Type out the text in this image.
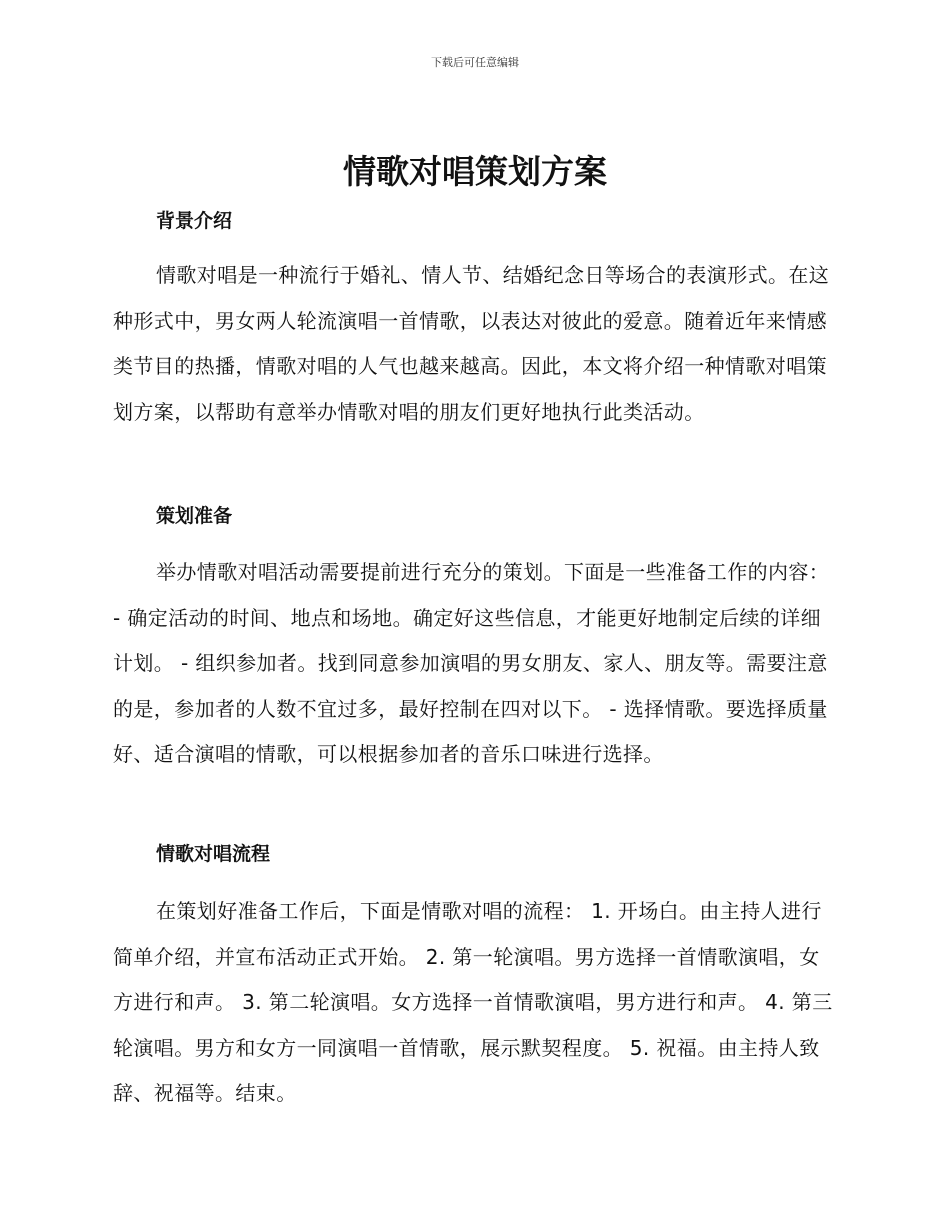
下载后可任意编辑
情歌对唱策划方案
背景介绍

情歌对唱是一种流行于婚礼、情人节、结婚纪念日等场合的表演形式。在这种形式中，男女两人轮流演唱一首情歌，以表达对彼此的爱意。随着近年来情感类节目的热播，情歌对唱的人气也越来越高。因此，本文将介绍一种情歌对唱策划方案，以帮助有意举办情歌对唱的朋友们更好地执行此类活动。

策划准备

举办情歌对唱活动需要提前进行充分的策划。下面是一些准备工作的内容： - 确定活动的时间、地点和场地。确定好这些信息，才能更好地制定后续的详细计划。 - 组织参加者。找到同意参加演唱的男女朋友、家人、朋友等。需要注意的是，参加者的人数不宜过多，最好控制在四对以下。 - 选择情歌。要选择质量好、适合演唱的情歌，可以根据参加者的音乐口味进行选择。

情歌对唱流程

在策划好准备工作后，下面是情歌对唱的流程： 1. 开场白。由主持人进行简单介绍，并宣布活动正式开始。 2. 第一轮演唱。男方选择一首情歌演唱，女方进行和声。 3. 第二轮演唱。女方选择一首情歌演唱，男方进行和声。 4. 第三轮演唱。男方和女方一同演唱一首情歌，展示默契程度。 5. 祝福。由主持人致辞、祝福等。结束。
